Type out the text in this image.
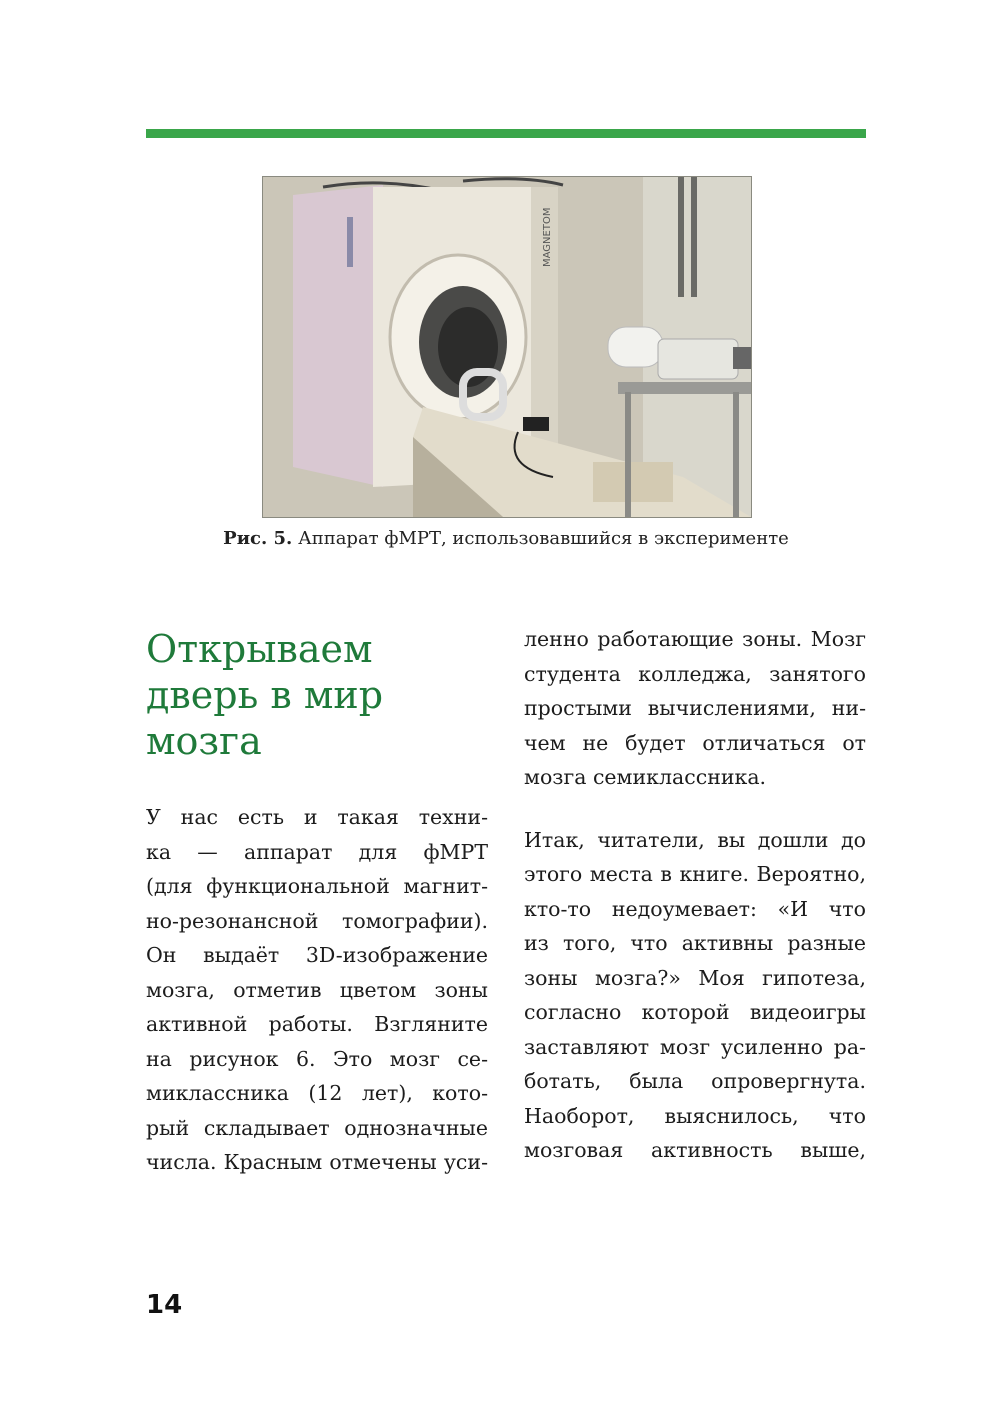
MAGNETOM
Рис. 5. Аппарат фМРТ, использовавшийся в эксперименте
Открываем
дверь в мир
мозга

У нас есть и такая техни-
ка — аппарат для фМРТ
(для функциональной магнит-
но-резонансной томографии).
Он выдаёт 3D-изображение
мозга, отметив цветом зоны
активной работы. Взгляните
на рисунок 6. Это мозг се-
миклассника (12 лет), кото-
рый складывает однозначные
числа. Красным отмечены уси-

ленно работающие зоны. Мозг
студента колледжа, занятого
простыми вычислениями, ни-
чем не будет отличаться от
мозга семиклассника.

Итак, читатели, вы дошли до
этого места в книге. Вероятно,
кто-то недоумевает: «И что
из того, что активны разные
зоны мозга?» Моя гипотеза,
согласно которой видеоигры
заставляют мозг усиленно ра-
ботать, была опровергнута.
Наоборот, выяснилось, что
мозговая активность выше,

14
